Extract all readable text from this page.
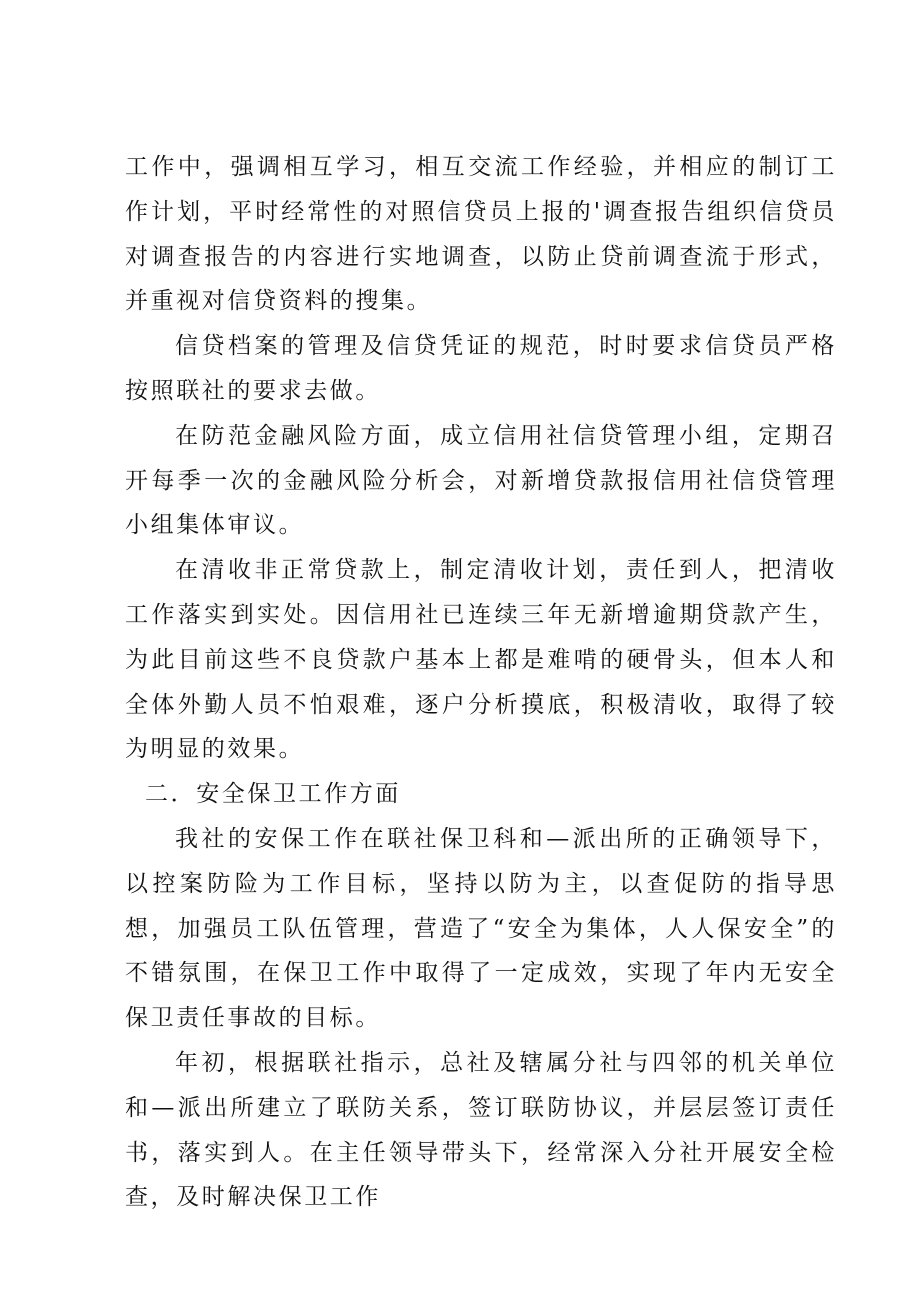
工作中，强调相互学习，相互交流工作经验，并相应的制订工作计划，平时经常性的对照信贷员上报的'调查报告组织信贷员对调查报告的内容进行实地调查，以防止贷前调查流于形式，并重视对信贷资料的搜集。

信贷档案的管理及信贷凭证的规范，时时要求信贷员严格按照联社的要求去做。

在防范金融风险方面，成立信用社信贷管理小组，定期召开每季一次的金融风险分析会，对新增贷款报信用社信贷管理小组集体审议。

在清收非正常贷款上，制定清收计划，责任到人，把清收工作落实到实处。因信用社已连续三年无新增逾期贷款产生，为此目前这些不良贷款户基本上都是难啃的硬骨头，但本人和全体外勤人员不怕艰难，逐户分析摸底，积极清收，取得了较为明显的效果。

二．安全保卫工作方面

我社的安保工作在联社保卫科和—派出所的正确领导下，以控案防险为工作目标，坚持以防为主，以查促防的指导思想，加强员工队伍管理，营造了“安全为集体，人人保安全”的不错氛围，在保卫工作中取得了一定成效，实现了年内无安全保卫责任事故的目标。

年初，根据联社指示，总社及辖属分社与四邻的机关单位和—派出所建立了联防关系，签订联防协议，并层层签订责任书，落实到人。在主任领导带头下，经常深入分社开展安全检查，及时解决保卫工作
